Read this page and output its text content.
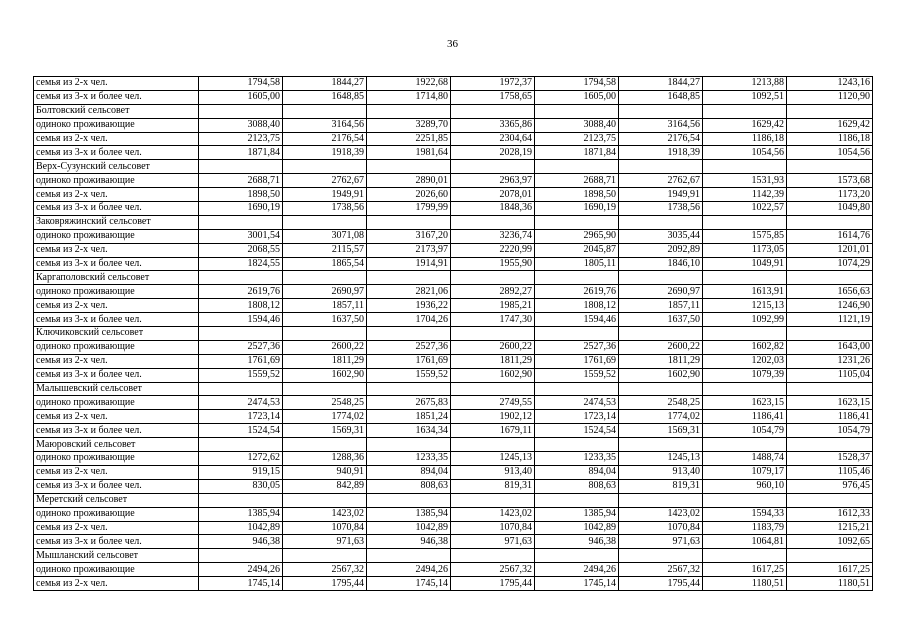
36
семья из 2-х чел.	1794,58	1844,27	1922,68	1972,37	1794,58	1844,27	1213,88	1243,16
семья из 3-х и более чел.	1605,00	1648,85	1714,80	1758,65	1605,00	1648,85	1092,51	1120,90
Болтовский сельсовет								
одиноко проживающие	3088,40	3164,56	3289,70	3365,86	3088,40	3164,56	1629,42	1629,42
семья из 2-х чел.	2123,75	2176,54	2251,85	2304,64	2123,75	2176,54	1186,18	1186,18
семья из 3-х и более чел.	1871,84	1918,39	1981,64	2028,19	1871,84	1918,39	1054,56	1054,56
Верх-Сузунский сельсовет								
одиноко проживающие	2688,71	2762,67	2890,01	2963,97	2688,71	2762,67	1531,93	1573,68
семья из 2-х чел.	1898,50	1949,91	2026,60	2078,01	1898,50	1949,91	1142,39	1173,20
семья из 3-х и более чел.	1690,19	1738,56	1799,99	1848,36	1690,19	1738,56	1022,57	1049,80
Заковряжинский сельсовет								
одиноко проживающие	3001,54	3071,08	3167,20	3236,74	2965,90	3035,44	1575,85	1614,76
семья из 2-х чел.	2068,55	2115,57	2173,97	2220,99	2045,87	2092,89	1173,05	1201,01
семья из 3-х и более чел.	1824,55	1865,54	1914,91	1955,90	1805,11	1846,10	1049,91	1074,29
Каргаполовский сельсовет								
одиноко проживающие	2619,76	2690,97	2821,06	2892,27	2619,76	2690,97	1613,91	1656,63
семья из 2-х чел.	1808,12	1857,11	1936,22	1985,21	1808,12	1857,11	1215,13	1246,90
семья из 3-х и более чел.	1594,46	1637,50	1704,26	1747,30	1594,46	1637,50	1092,99	1121,19
Ключиковский сельсовет								
одиноко проживающие	2527,36	2600,22	2527,36	2600,22	2527,36	2600,22	1602,82	1643,00
семья из 2-х чел.	1761,69	1811,29	1761,69	1811,29	1761,69	1811,29	1202,03	1231,26
семья из 3-х и более чел.	1559,52	1602,90	1559,52	1602,90	1559,52	1602,90	1079,39	1105,04
Малышевский сельсовет								
одиноко проживающие	2474,53	2548,25	2675,83	2749,55	2474,53	2548,25	1623,15	1623,15
семья из 2-х чел.	1723,14	1774,02	1851,24	1902,12	1723,14	1774,02	1186,41	1186,41
семья из 3-х и более чел.	1524,54	1569,31	1634,34	1679,11	1524,54	1569,31	1054,79	1054,79
Маюровский сельсовет								
одиноко проживающие	1272,62	1288,36	1233,35	1245,13	1233,35	1245,13	1488,74	1528,37
семья из 2-х чел.	919,15	940,91	894,04	913,40	894,04	913,40	1079,17	1105,46
семья из 3-х и более чел.	830,05	842,89	808,63	819,31	808,63	819,31	960,10	976,45
Меретский сельсовет								
одиноко проживающие	1385,94	1423,02	1385,94	1423,02	1385,94	1423,02	1594,33	1612,33
семья из 2-х чел.	1042,89	1070,84	1042,89	1070,84	1042,89	1070,84	1183,79	1215,21
семья из 3-х и более чел.	946,38	971,63	946,38	971,63	946,38	971,63	1064,81	1092,65
Мышланский сельсовет								
одиноко проживающие	2494,26	2567,32	2494,26	2567,32	2494,26	2567,32	1617,25	1617,25
семья из 2-х чел.	1745,14	1795,44	1745,14	1795,44	1745,14	1795,44	1180,51	1180,51
